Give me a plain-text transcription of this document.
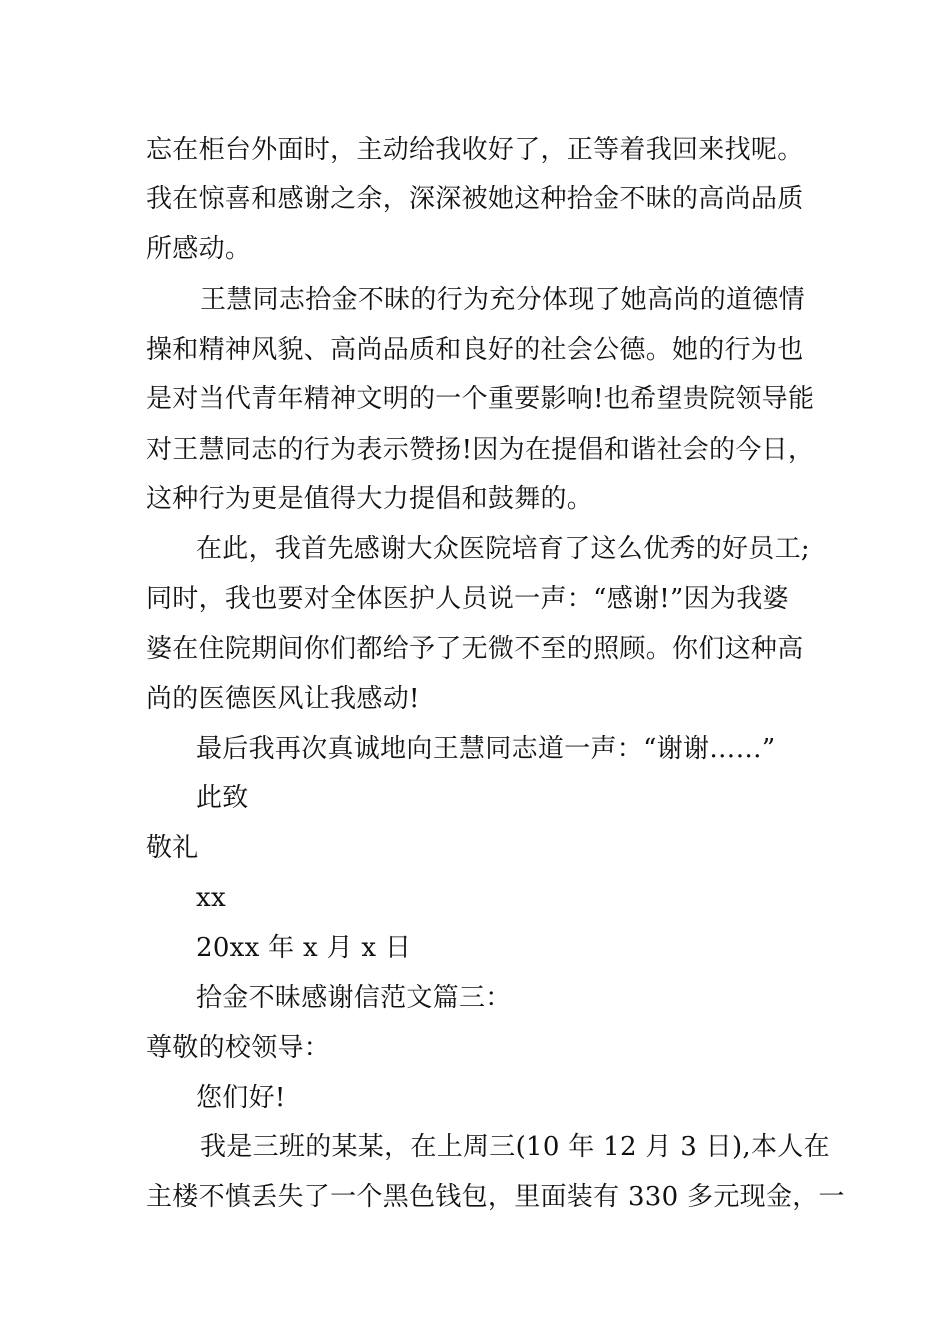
忘在柜台外面时，主动给我收好了，正等着我回来找呢。
我在惊喜和感谢之余，深深被她这种拾金不昧的高尚品质
所感动。
王慧同志拾金不昧的行为充分体现了她高尚的道德情
操和精神风貌、高尚品质和良好的社会公德。她的行为也
是对当代青年精神文明的一个重要影响!也希望贵院领导能
对王慧同志的行为表示赞扬!因为在提倡和谐社会的今日，
这种行为更是值得大力提倡和鼓舞的。
在此，我首先感谢大众医院培育了这么优秀的好员工;
同时，我也要对全体医护人员说一声：“感谢!”因为我婆
婆在住院期间你们都给予了无微不至的照顾。你们这种高
尚的医德医风让我感动!
最后我再次真诚地向王慧同志道一声：“谢谢……”
此致
敬礼
xx
20xx 年 x 月 x 日
拾金不昧感谢信范文篇三：
尊敬的校领导：
您们好!
我是三班的某某，在上周三(10 年 12 月 3 日),本人在
主楼不慎丢失了一个黑色钱包，里面装有 330 多元现金，一
